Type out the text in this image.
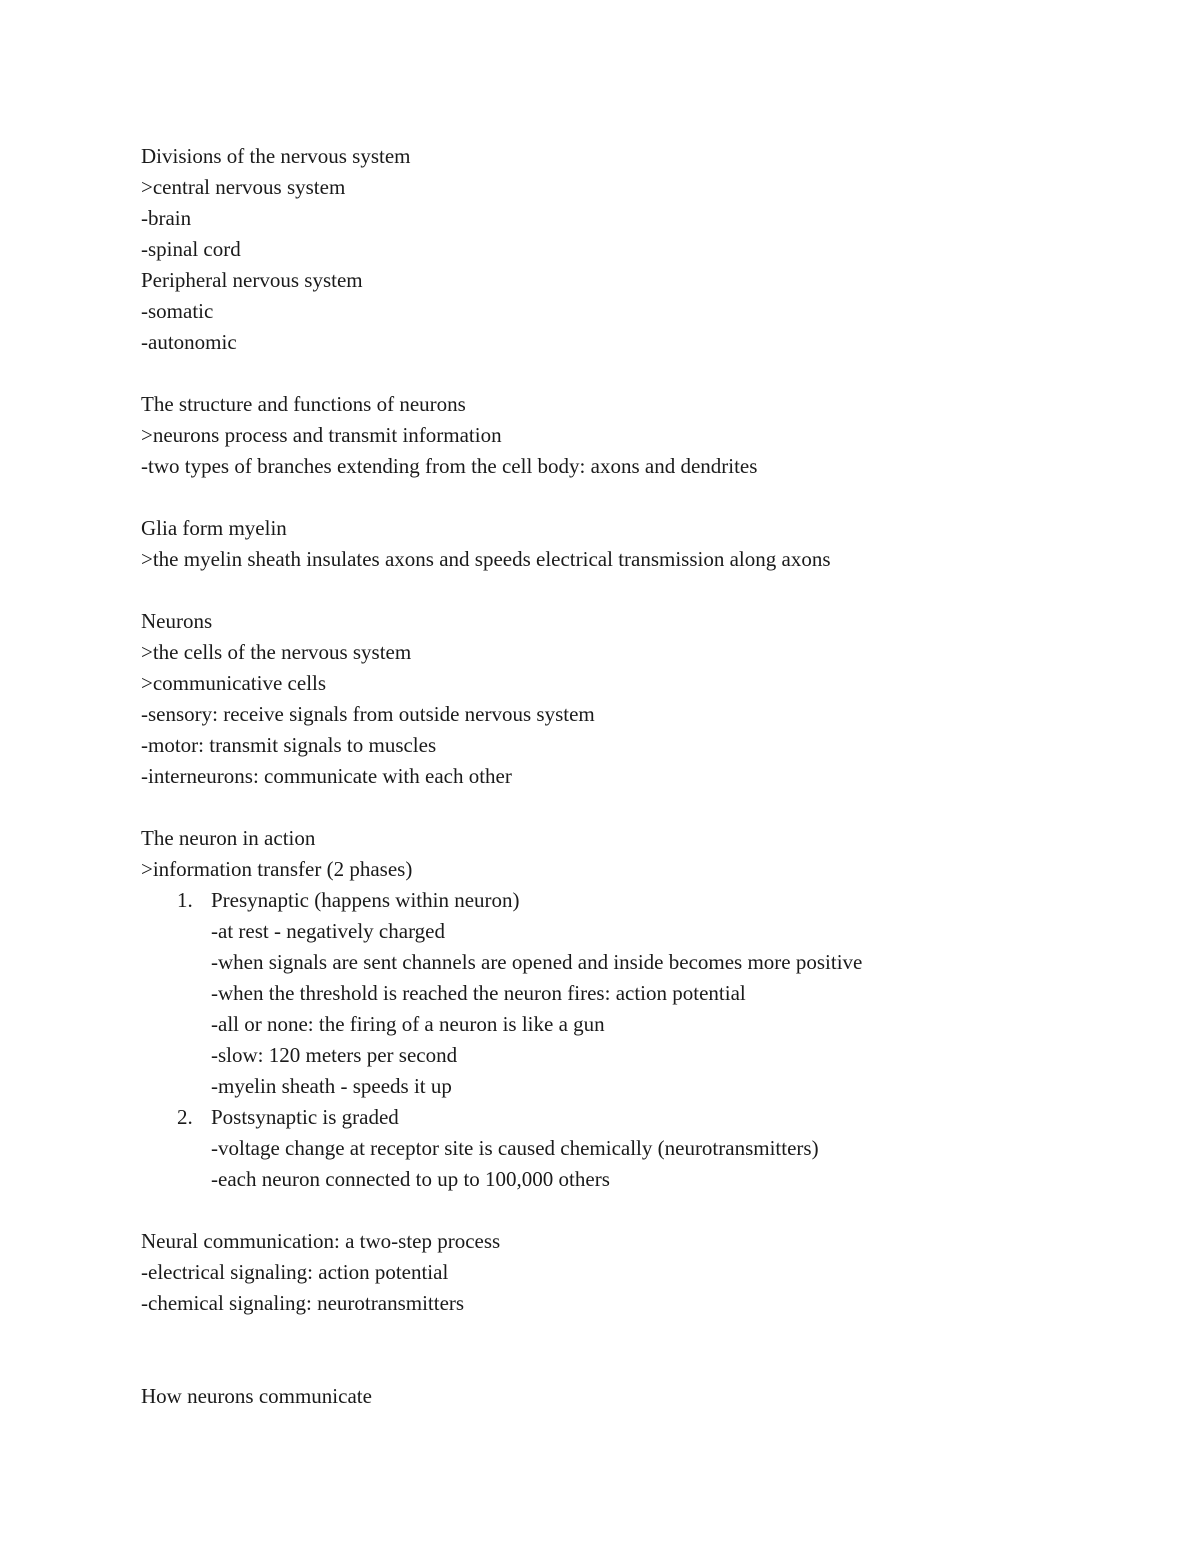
Divisions of the nervous system
>central nervous system
-brain
-spinal cord
Peripheral nervous system
-somatic
-autonomic
The structure and functions of neurons
>neurons process and transmit information
-two types of branches extending from the cell body: axons and dendrites
Glia form myelin
>the myelin sheath insulates axons and speeds electrical transmission along axons
Neurons
>the cells of the nervous system
>communicative cells
-sensory: receive signals from outside nervous system
-motor: transmit signals to muscles
-interneurons: communicate with each other
The neuron in action
>information transfer (2 phases)

1.

Presynaptic (happens within neuron)

-at rest - negatively charged
-when signals are sent channels are opened and inside becomes more positive
-when the threshold is reached the neuron fires: action potential
-all or none: the firing of a neuron is like a gun
-slow: 120 meters per second
-myelin sheath - speeds it up

2.

Postsynaptic is graded

-voltage change at receptor site is caused chemically (neurotransmitters)
-each neuron connected to up to 100,000 others
Neural communication: a two-step process
-electrical signaling: action potential
-chemical signaling: neurotransmitters
How neurons communicate
